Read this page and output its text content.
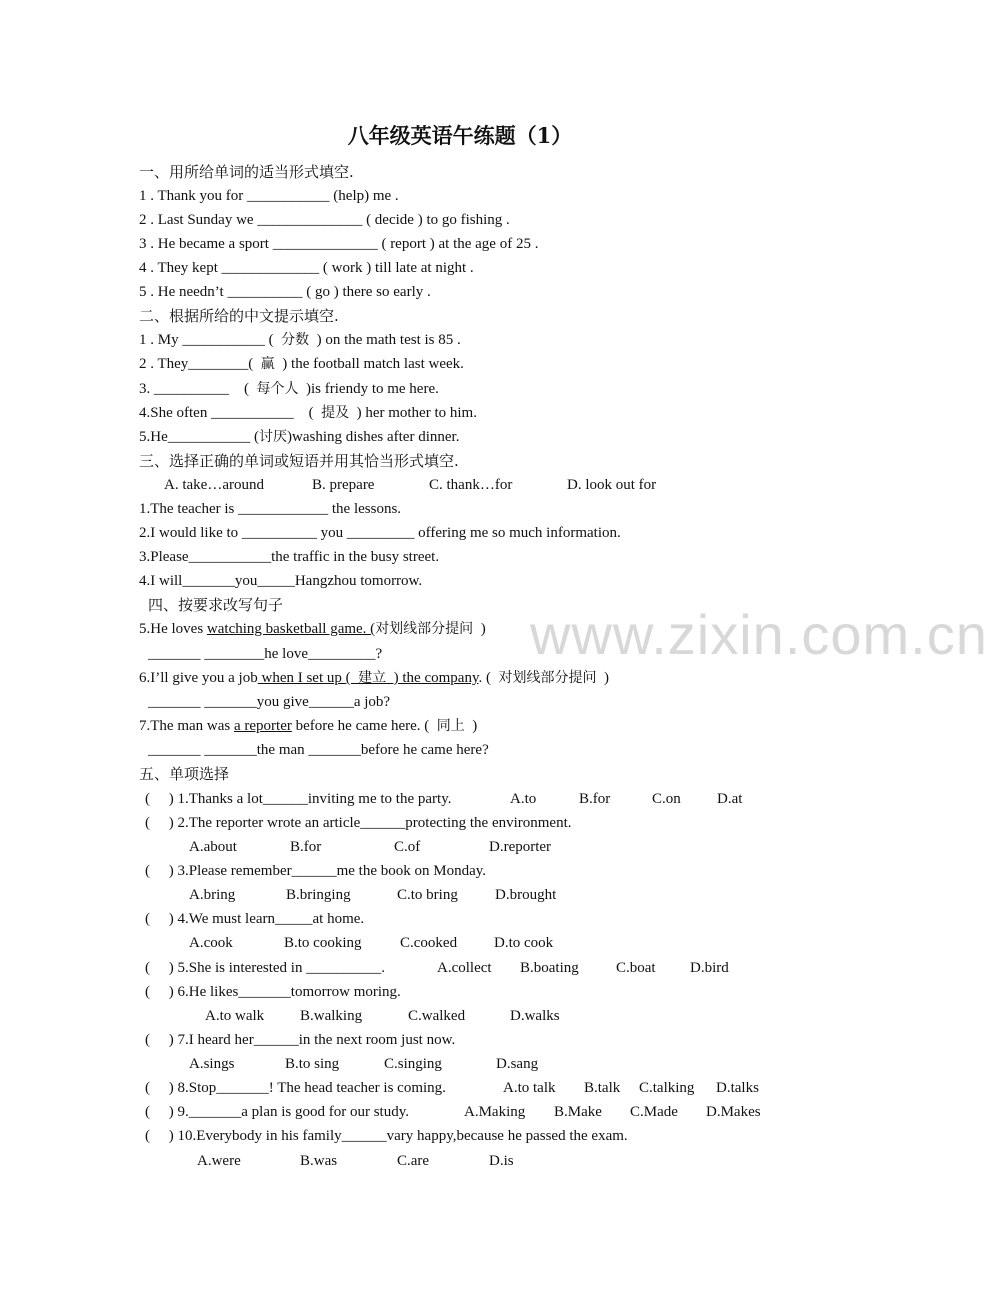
www.zixin.com.cn
八年级英语午练题（1）
一、用所给单词的适当形式填空.
1 . Thank you for ___________ (help) me .
2 . Last Sunday we ______________ ( decide ) to go fishing .
3 . He became a sport ______________ ( report ) at the age of 25 .
4 . They kept _____________ ( work ) till late at night .
5 . He needn’t __________ ( go ) there so early .
二、根据所给的中文提示填空.
1 . My ___________ (  分数  ) on the math test is 85 .
2 . They________(  赢  ) the football match last week.
3. __________    (  每个人  )is friendy to me here.
4.She often ___________    (  提及  ) her mother to him.
5.He___________ (讨厌)washing dishes after dinner.
三、选择正确的单词或短语并用其恰当形式填空.
A. take…around	B. prepare	C. thank…for	D. look out for
1.The teacher is ____________ the lessons.
2.I would like to __________ you _________ offering me so much information.
3.Please___________the traffic in the busy street.
4.I will_______you_____Hangzhou tomorrow.
四、按要求改写句子
5.He loves watching basketball game. (对划线部分提问  )
_______ ________he love_________?
6.I’ll give you a job when I set up (  建立  ) the company. (  对划线部分提问  )
_______ _______you give______a job?
7.The man was a reporter before he came here. (  同上  )
_______ _______the man _______before he came here?
五、单项选择
(     ) 1.Thanks a lot______inviting me to the party.	A.to	B.for	C.on D.at
(     ) 2.The reporter wrote an article______protecting the environment.
A.about	B.for	C.of	D.reporter
(     ) 3.Please remember______me the book on Monday.
A.bring	B.bringing	C.to bring D.brought
(     ) 4.We must learn_____at home.
A.cook	B.to cooking	C.cooked D.to cook
(     ) 5.She is interested in __________.	A.collect B.boating C.boat D.bird
(     ) 6.He likes_______tomorrow moring.
A.to walk B.walking	C.walked	D.walks
(     ) 7.I heard her______in the next room just now.
A.sings	B.to sing	C.singing	D.sang
(     ) 8.Stop_______! The head teacher is coming.	A.to talk B.talk C.talking D.talks
(     ) 9._______a plan is good for our study.	A.Making B.Make C.Made D.Makes
(     ) 10.Everybody in his family______vary happy,because he passed the exam.
A.were	B.was	C.are	D.is
